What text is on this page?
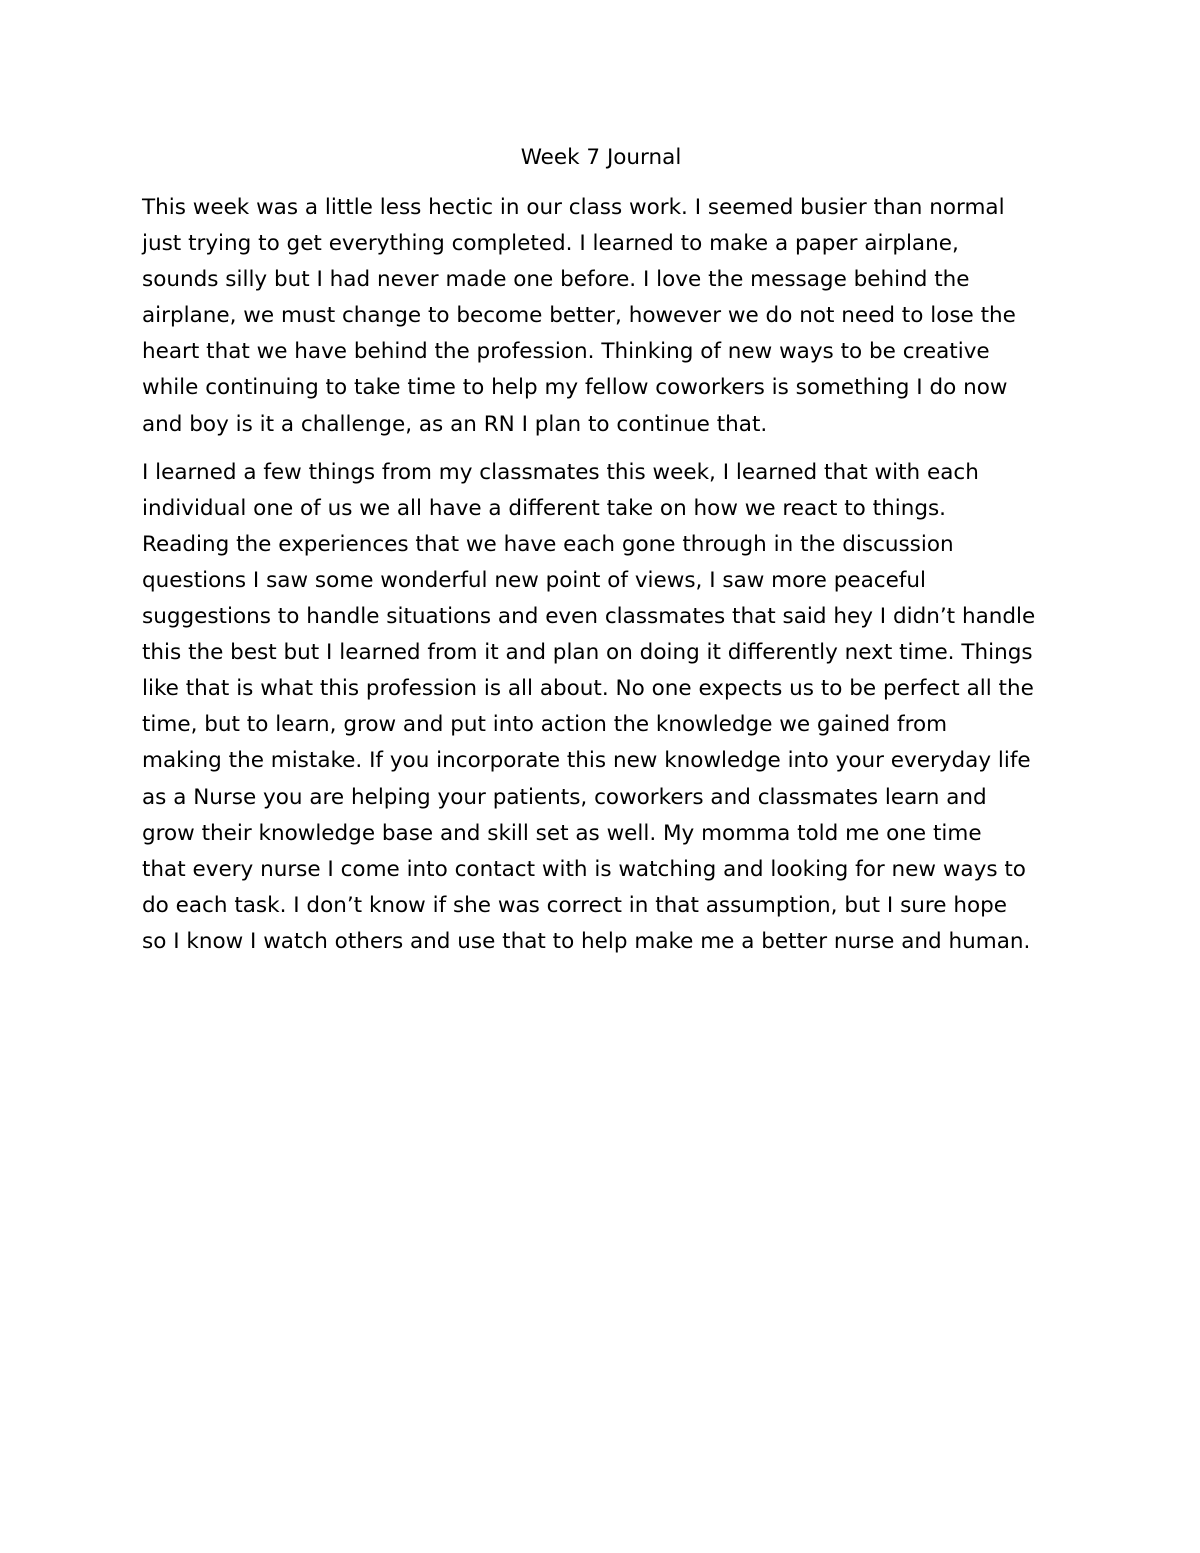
Week 7 Journal
This week was a little less hectic in our class work. I seemed busier than normal
just trying to get everything completed. I learned to make a paper airplane,
sounds silly but I had never made one before. I love the message behind the
airplane, we must change to become better, however we do not need to lose the
heart that we have behind the profession. Thinking of new ways to be creative
while continuing to take time to help my fellow coworkers is something I do now
and boy is it a challenge, as an RN I plan to continue that.
I learned a few things from my classmates this week, I learned that with each
individual one of us we all have a different take on how we react to things.
Reading the experiences that we have each gone through in the discussion
questions I saw some wonderful new point of views, I saw more peaceful
suggestions to handle situations and even classmates that said hey I didn’t handle
this the best but I learned from it and plan on doing it differently next time. Things
like that is what this profession is all about. No one expects us to be perfect all the
time, but to learn, grow and put into action the knowledge we gained from
making the mistake. If you incorporate this new knowledge into your everyday life
as a Nurse you are helping your patients, coworkers and classmates learn and
grow their knowledge base and skill set as well. My momma told me one time
that every nurse I come into contact with is watching and looking for new ways to
do each task. I don’t know if she was correct in that assumption, but I sure hope
so I know I watch others and use that to help make me a better nurse and human.
